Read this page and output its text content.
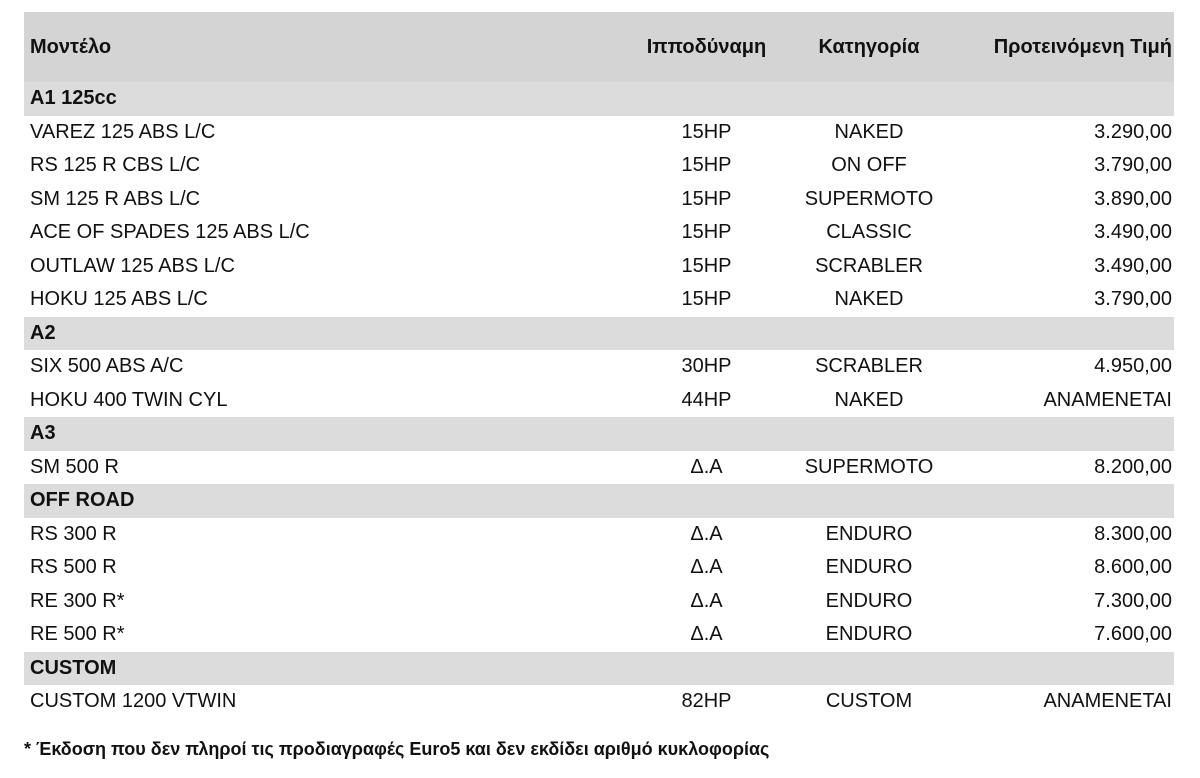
Μοντέλο	Ιπποδύναμη	Κατηγορία	Προτεινόμενη Τιμή
A1 125cc
VAREZ 125 ABS L/C	15HP	NAKED	3.290,00
RS 125 R CBS L/C	15HP	ON OFF	3.790,00
SM 125 R ABS L/C	15HP	SUPERMOTO	3.890,00
ACE OF SPADES 125 ABS L/C	15HP	CLASSIC	3.490,00
OUTLAW 125 ABS L/C	15HP	SCRABLER	3.490,00
HOKU 125 ABS L/C	15HP	NAKED	3.790,00
A2
SIX 500 ABS A/C	30HP	SCRABLER	4.950,00
HOKU 400 TWIN CYL	44HP	NAKED	ANAMENETAI
A3
SM 500 R	Δ.Α	SUPERMOTO	8.200,00
OFF ROAD
RS 300 R	Δ.Α	ENDURO	8.300,00
RS 500 R	Δ.Α	ENDURO	8.600,00
RE 300 R*	Δ.Α	ENDURO	7.300,00
RE 500 R*	Δ.Α	ENDURO	7.600,00
CUSTOM
CUSTOM 1200 VTWIN	82HP	CUSTOM	ANAMENETAI
* Έκδοση που δεν πληροί τις προδιαγραφές Euro5 και δεν εκδίδει αριθμό κυκλοφορίας
